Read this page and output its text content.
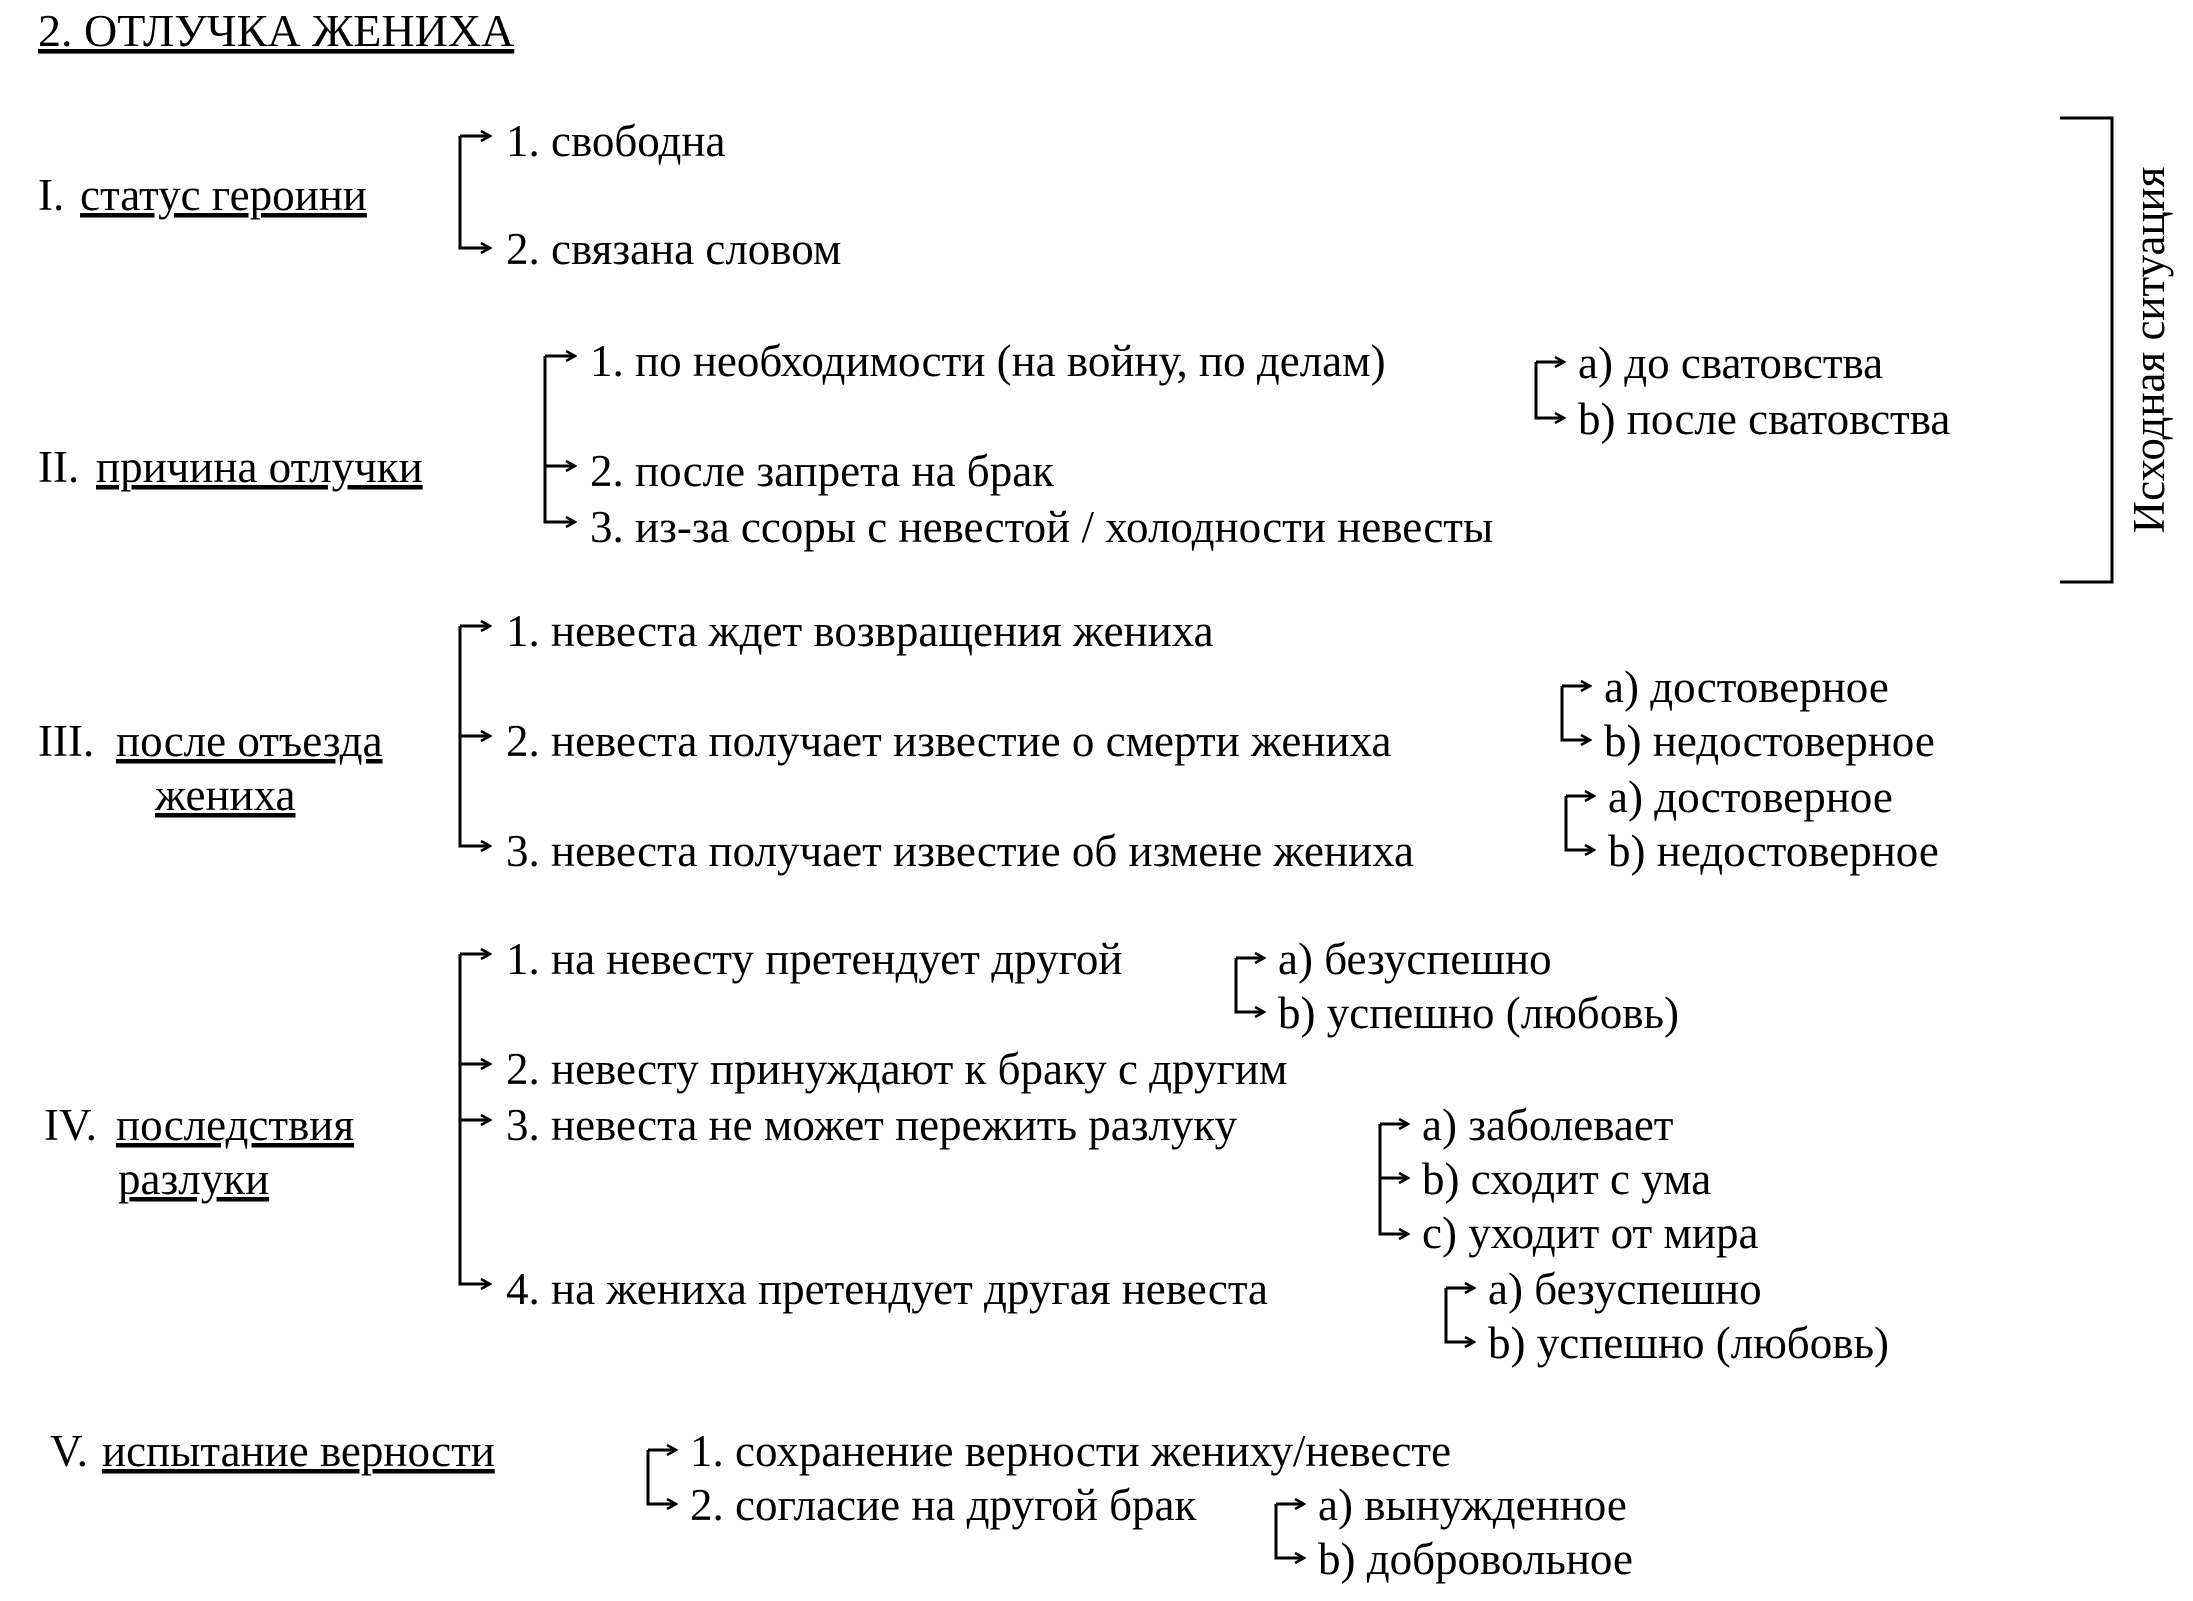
2. ОТЛУЧКА ЖЕНИХА
Исходная ситуация
I. статус героини
1. свободна
2. связана словом
II. причина отлучки
1. по необходимости (на войну, по делам)
2. после запрета на брак
3. из-за ссоры с невестой / холодности невесты
a) до сватовства
b) после сватовства
III. после отъезда
жениха
1. невеста ждет возвращения жениха
2. невеста получает известие о смерти жениха
3. невеста получает известие об измене жениха
a) достоверное
b) недостоверное
a) достоверное
b) недостоверное
IV. последствия
разлуки
1. на невесту претендует другой
2. невесту принуждают к браку с другим
3. невеста не может пережить разлуку
4. на жениха претендует другая невеста
a) безуспешно
b) успешно (любовь)
a) заболевает
b) сходит с ума
c) уходит от мира
a) безуспешно
b) успешно (любовь)
V. испытание верности	1. сохранение верности жениху/невесте
2. согласие на другой брак	a) вынужденное
b) добровольное
